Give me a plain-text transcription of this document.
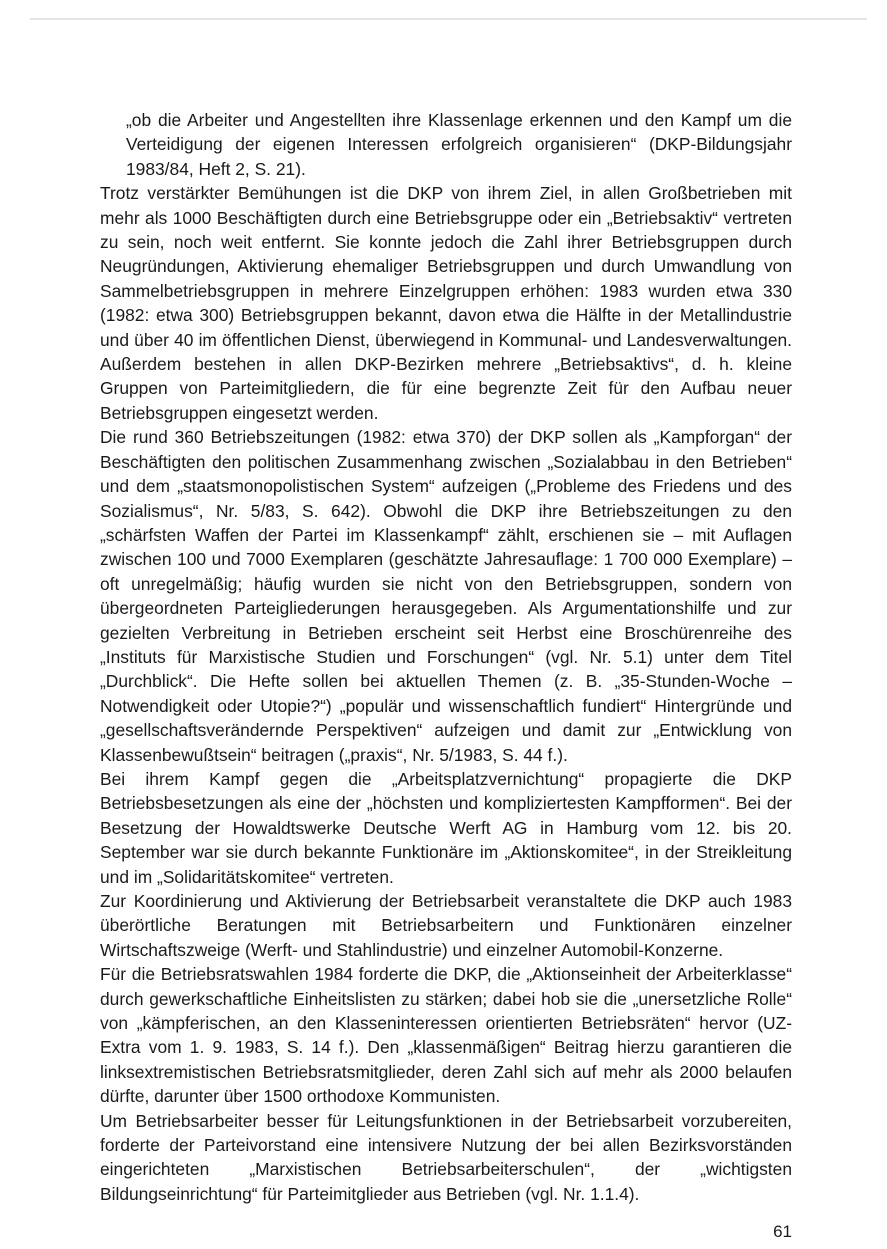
„ob die Arbeiter und Angestellten ihre Klassenlage erkennen und den Kampf um die Verteidigung der eigenen Interessen erfolgreich organisieren“ (DKP-Bildungsjahr 1983/84, Heft 2, S. 21).

Trotz verstärkter Bemühungen ist die DKP von ihrem Ziel, in allen Großbetrieben mit mehr als 1000 Beschäftigten durch eine Betriebsgruppe oder ein „Betriebsaktiv“ vertreten zu sein, noch weit entfernt. Sie konnte jedoch die Zahl ihrer Betriebsgruppen durch Neugründungen, Aktivierung ehemaliger Betriebsgruppen und durch Umwandlung von Sammelbetriebsgruppen in mehrere Einzelgruppen erhöhen: 1983 wurden etwa 330 (1982: etwa 300) Betriebsgruppen bekannt, davon etwa die Hälfte in der Metallindustrie und über 40 im öffentlichen Dienst, überwiegend in Kommunal- und Landesverwaltungen. Außerdem bestehen in allen DKP-Bezirken mehrere „Betriebsaktivs“, d. h. kleine Gruppen von Parteimitgliedern, die für eine begrenzte Zeit für den Aufbau neuer Betriebsgruppen eingesetzt werden.

Die rund 360 Betriebszeitungen (1982: etwa 370) der DKP sollen als „Kampforgan“ der Beschäftigten den politischen Zusammenhang zwischen „Sozialabbau in den Betrieben“ und dem „staatsmonopolistischen System“ aufzeigen („Probleme des Friedens und des Sozialismus“, Nr. 5/83, S. 642). Obwohl die DKP ihre Betriebszeitungen zu den „schärfsten Waffen der Partei im Klassenkampf“ zählt, erschienen sie – mit Auflagen zwischen 100 und 7000 Exemplaren (geschätzte Jahresauflage: 1 700 000 Exemplare) – oft unregelmäßig; häufig wurden sie nicht von den Betriebsgruppen, sondern von übergeordneten Parteigliederungen herausgegeben. Als Argumentationshilfe und zur gezielten Verbreitung in Betrieben erscheint seit Herbst eine Broschürenreihe des „Instituts für Marxistische Studien und Forschungen“ (vgl. Nr. 5.1) unter dem Titel „Durchblick“. Die Hefte sollen bei aktuellen Themen (z. B. „35-Stunden-Woche – Notwendigkeit oder Utopie?“) „populär und wissenschaftlich fundiert“ Hintergründe und „gesellschaftsverändernde Perspektiven“ aufzeigen und damit zur „Entwicklung von Klassenbewußtsein“ beitragen („praxis“, Nr. 5/1983, S. 44 f.).

Bei ihrem Kampf gegen die „Arbeitsplatzvernichtung“ propagierte die DKP Betriebsbesetzungen als eine der „höchsten und kompliziertesten Kampfformen“. Bei der Besetzung der Howaldtswerke Deutsche Werft AG in Hamburg vom 12. bis 20. September war sie durch bekannte Funktionäre im „Aktionskomitee“, in der Streikleitung und im „Solidaritätskomitee“ vertreten.

Zur Koordinierung und Aktivierung der Betriebsarbeit veranstaltete die DKP auch 1983 überörtliche Beratungen mit Betriebsarbeitern und Funktionären einzelner Wirtschaftszweige (Werft- und Stahlindustrie) und einzelner Automobil-Konzerne.

Für die Betriebsratswahlen 1984 forderte die DKP, die „Aktionseinheit der Arbeiterklasse“ durch gewerkschaftliche Einheitslisten zu stärken; dabei hob sie die „unersetzliche Rolle“ von „kämpferischen, an den Klasseninteressen orientierten Betriebsräten“ hervor (UZ-Extra vom 1. 9. 1983, S. 14 f.). Den „klassenmäßigen“ Beitrag hierzu garantieren die linksextremistischen Betriebsratsmitglieder, deren Zahl sich auf mehr als 2000 belaufen dürfte, darunter über 1500 orthodoxe Kommunisten.

Um Betriebsarbeiter besser für Leitungsfunktionen in der Betriebsarbeit vorzubereiten, forderte der Parteivorstand eine intensivere Nutzung der bei allen Bezirksvorständen eingerichteten „Marxistischen Betriebsarbeiterschulen“, der „wichtigsten Bildungseinrichtung“ für Parteimitglieder aus Betrieben (vgl. Nr. 1.1.4).

61
